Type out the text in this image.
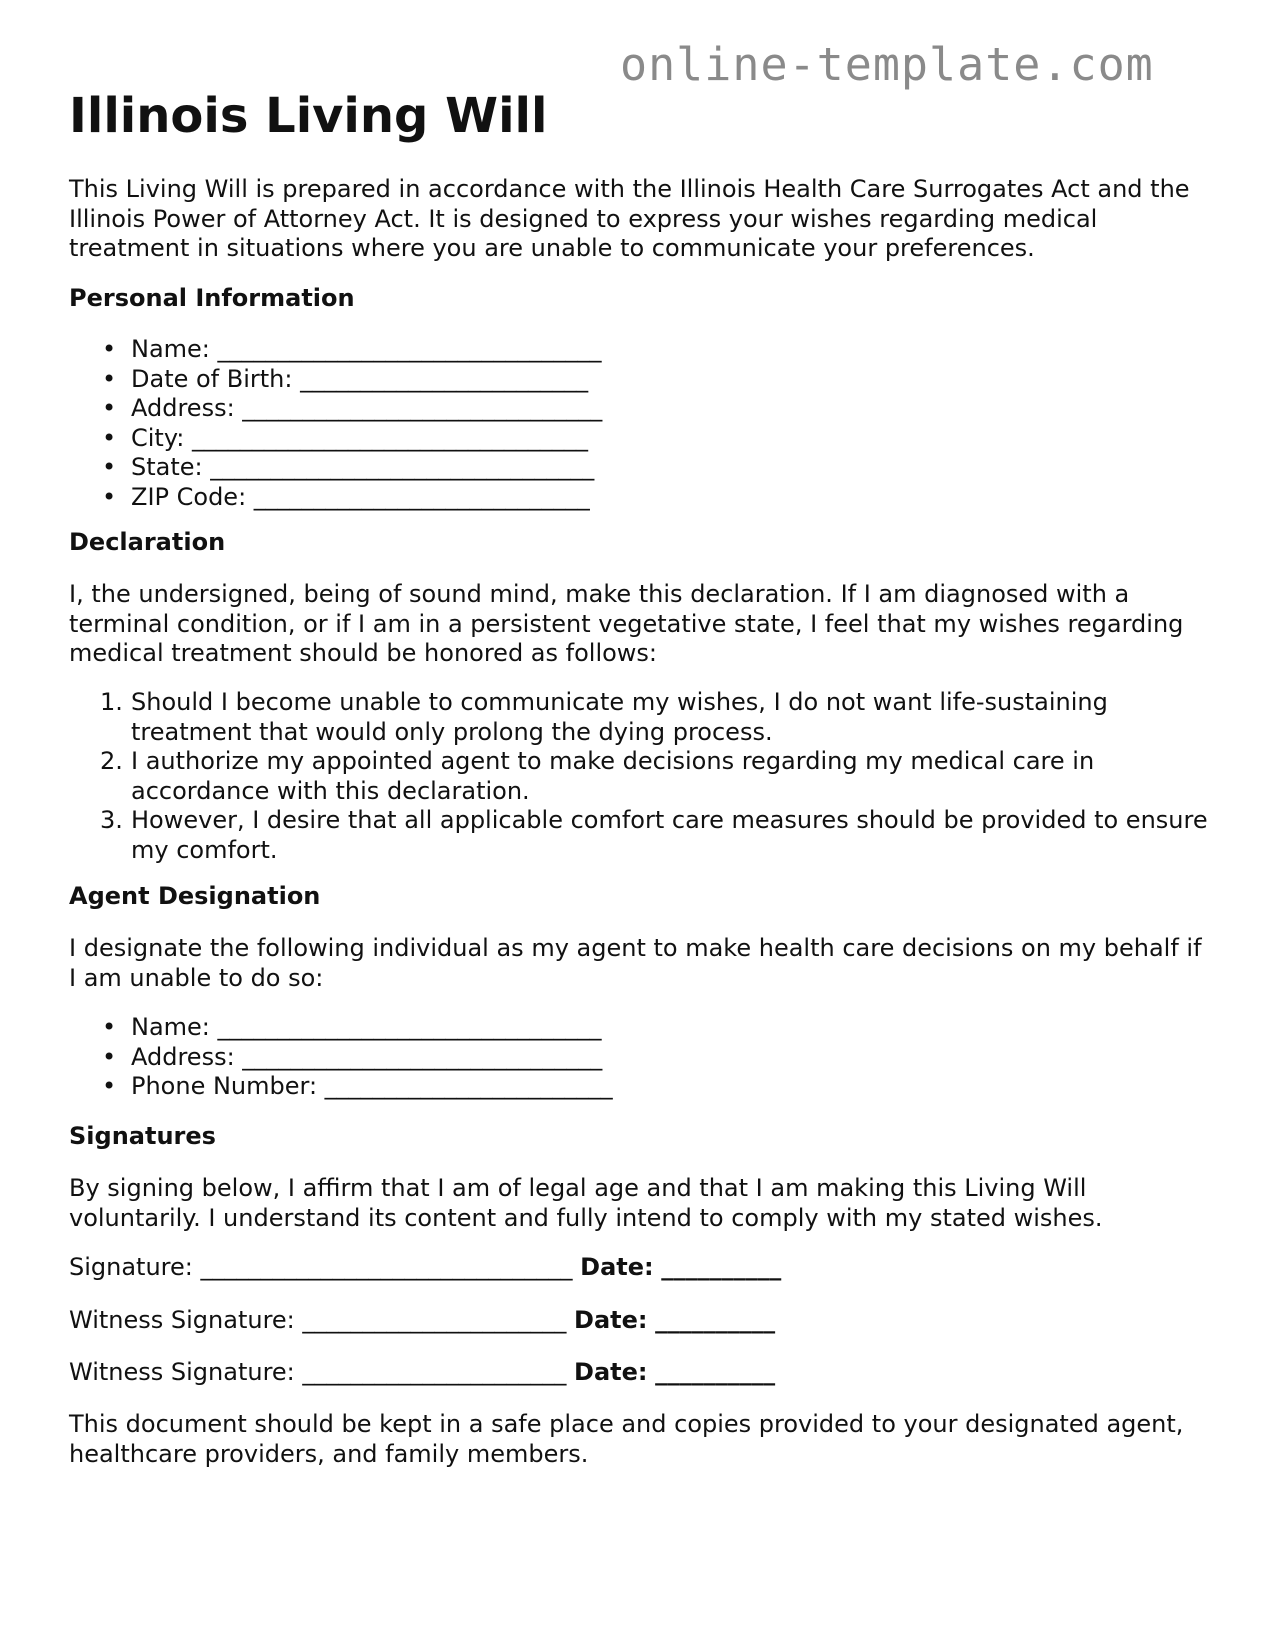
online-template.com
Illinois Living Will

This Living Will is prepared in accordance with the Illinois Health Care Surrogates Act and the Illinois Power of Attorney Act. It is designed to express your wishes regarding medical treatment in situations where you are unable to communicate your preferences.

Personal Information
• Name: ________________________________
• Date of Birth: ________________________
• Address: ______________________________
• City: _________________________________
• State: ________________________________
• ZIP Code: ____________________________
Declaration

I, the undersigned, being of sound mind, make this declaration. If I am diagnosed with a terminal condition, or if I am in a persistent vegetative state, I feel that my wishes regarding medical treatment should be honored as follows:

1. Should I become unable to communicate my wishes, I do not want life-sustaining treatment that would only prolong the dying process.
2. I authorize my appointed agent to make decisions regarding my medical care in accordance with this declaration.
3. However, I desire that all applicable comfort care measures should be provided to ensure my comfort.
Agent Designation

I designate the following individual as my agent to make health care decisions on my behalf if I am unable to do so:

• Name: ________________________________
• Address: ______________________________
• Phone Number: ________________________
Signatures

By signing below, I affirm that I am of legal age and that I am making this Living Will voluntarily. I understand its content and fully intend to comply with my stated wishes.

Signature: _______________________________ Date: __________
Witness Signature: ______________________ Date: __________
Witness Signature: ______________________ Date: __________

This document should be kept in a safe place and copies provided to your designated agent, healthcare providers, and family members.
